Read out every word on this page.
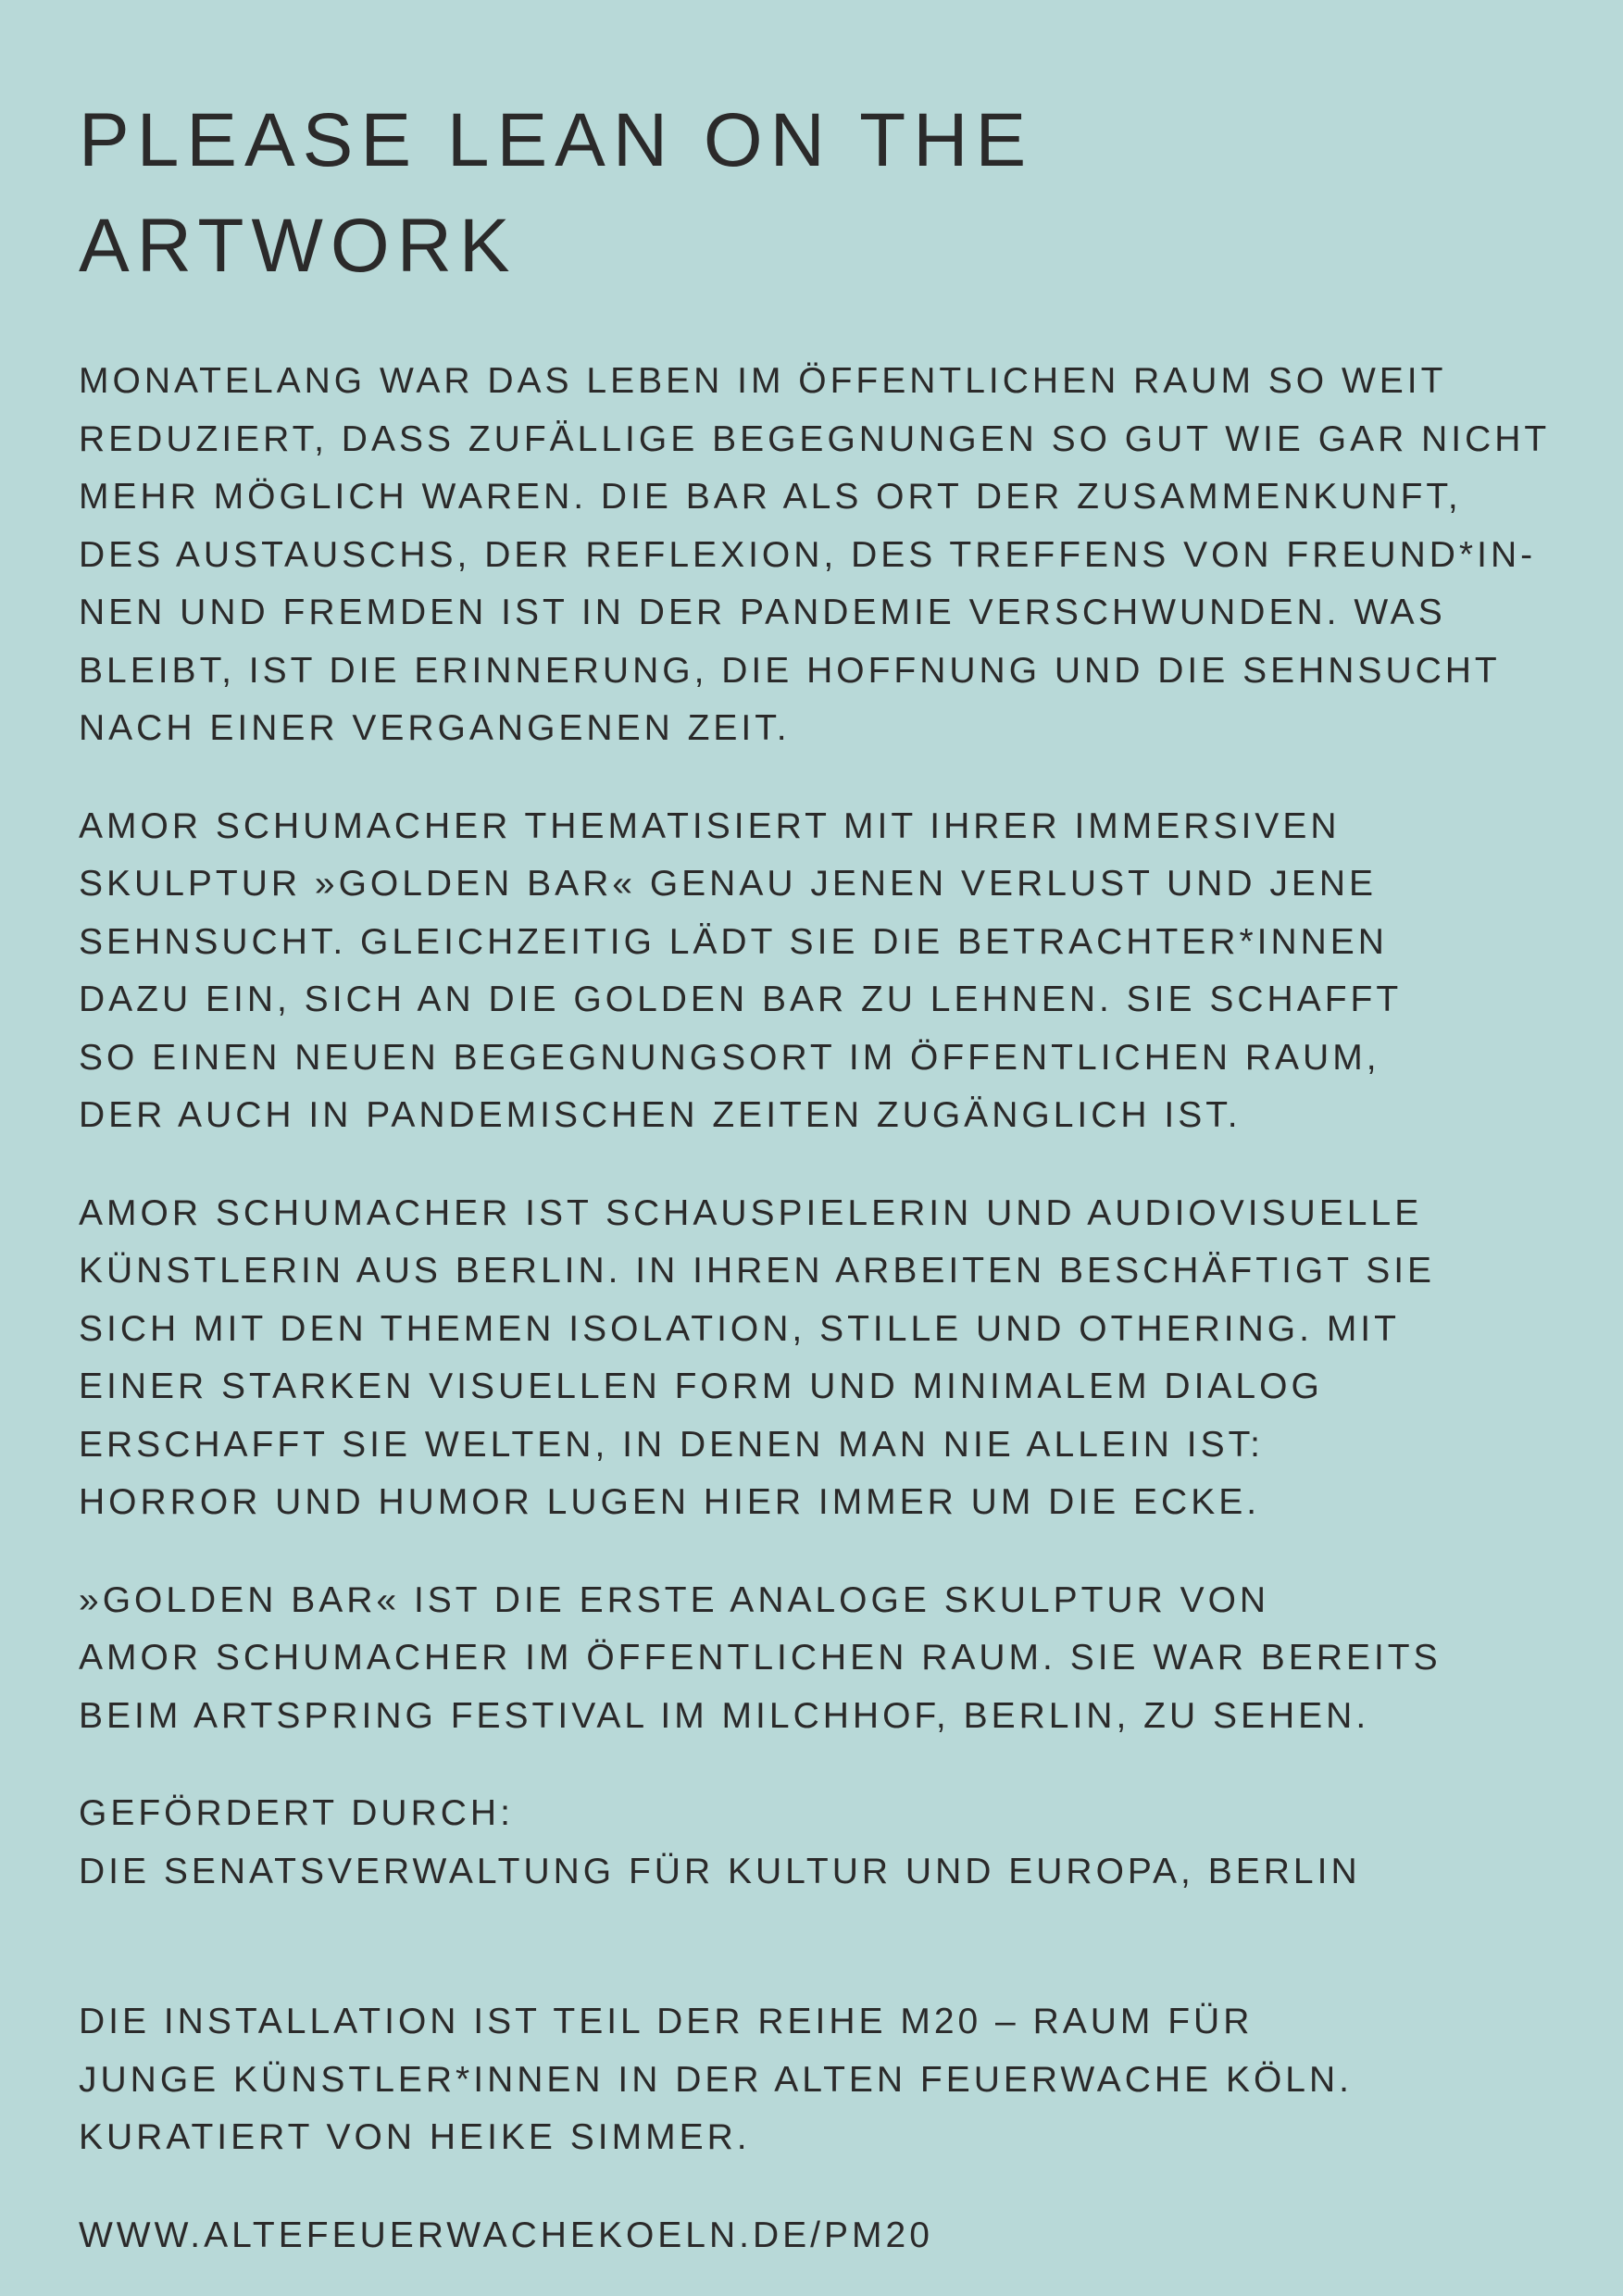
PLEASE LEAN ON THE ARTWORK

MONATELANG WAR DAS LEBEN IM ÖFFENTLICHEN RAUM SO WEIT
REDUZIERT, DASS ZUFÄLLIGE BEGEGNUNGEN SO GUT WIE GAR NICHT
MEHR MÖGLICH WAREN. DIE BAR ALS ORT DER ZUSAMMENKUNFT,
DES AUSTAUSCHS, DER REFLEXION, DES TREFFENS VON FREUND*IN-
NEN UND FREMDEN IST IN DER PANDEMIE VERSCHWUNDEN. WAS
BLEIBT, IST DIE ERINNERUNG, DIE HOFFNUNG UND DIE SEHNSUCHT
NACH EINER VERGANGENEN ZEIT.

AMOR SCHUMACHER THEMATISIERT MIT IHRER IMMERSIVEN
SKULPTUR »GOLDEN BAR« GENAU JENEN VERLUST UND JENE
SEHNSUCHT. GLEICHZEITIG LÄDT SIE DIE BETRACHTER*INNEN
DAZU EIN, SICH AN DIE GOLDEN BAR ZU LEHNEN. SIE SCHAFFT
SO EINEN NEUEN BEGEGNUNGSORT IM ÖFFENTLICHEN RAUM,
DER AUCH IN PANDEMISCHEN ZEITEN ZUGÄNGLICH IST.

AMOR SCHUMACHER IST SCHAUSPIELERIN UND AUDIOVISUELLE
KÜNSTLERIN AUS BERLIN. IN IHREN ARBEITEN BESCHÄFTIGT SIE
SICH MIT DEN THEMEN ISOLATION, STILLE UND OTHERING. MIT
EINER STARKEN VISUELLEN FORM UND MINIMALEM DIALOG
ERSCHAFFT SIE WELTEN, IN DENEN MAN NIE ALLEIN IST:
HORROR UND HUMOR LUGEN HIER IMMER UM DIE ECKE.

»GOLDEN BAR« IST DIE ERSTE ANALOGE SKULPTUR VON
AMOR SCHUMACHER IM ÖFFENTLICHEN RAUM. SIE WAR BEREITS
BEIM ARTSPRING FESTIVAL IM MILCHHOF, BERLIN, ZU SEHEN.

GEFÖRDERT DURCH:
DIE SENATSVERWALTUNG FÜR KULTUR UND EUROPA, BERLIN

DIE INSTALLATION IST TEIL DER REIHE M20 – RAUM FÜR
JUNGE KÜNSTLER*INNEN IN DER ALTEN FEUERWACHE KÖLN.
KURATIERT VON HEIKE SIMMER.

WWW.ALTEFEUERWACHEKOELN.DE/PM20
